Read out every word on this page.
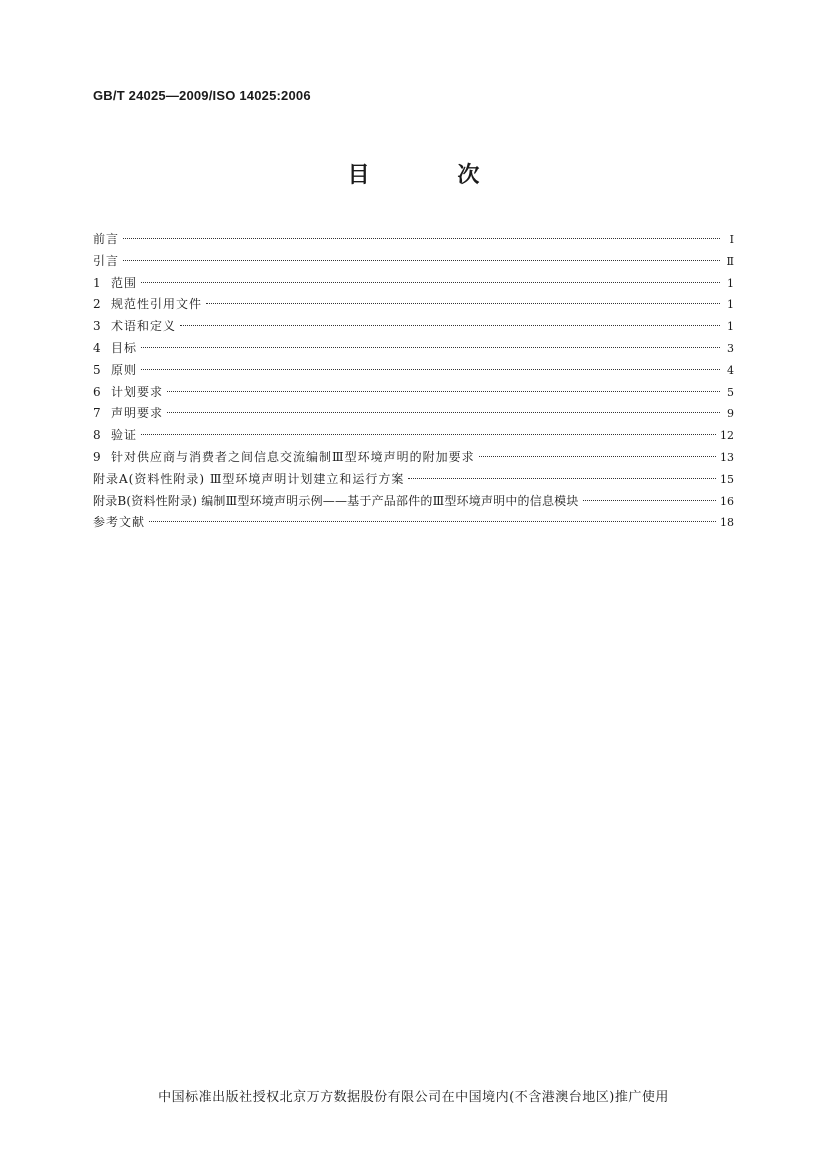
GB/T 24025—2009/ISO 14025:2006
目 次
前言	Ⅰ
引言	Ⅱ
1 范围	1
2 规范性引用文件	1
3 术语和定义	1
4 目标	3
5 原则	4
6 计划要求	5
7 声明要求	9
8 验证	12
9 针对供应商与消费者之间信息交流编制Ⅲ型环境声明的附加要求	13
附录A(资料性附录) Ⅲ型环境声明计划建立和运行方案	15
附录B(资料性附录) 编制Ⅲ型环境声明示例——基于产品部件的Ⅲ型环境声明中的信息模块	16
参考文献	18
中国标准出版社授权北京万方数据股份有限公司在中国境内(不含港澳台地区)推广使用
